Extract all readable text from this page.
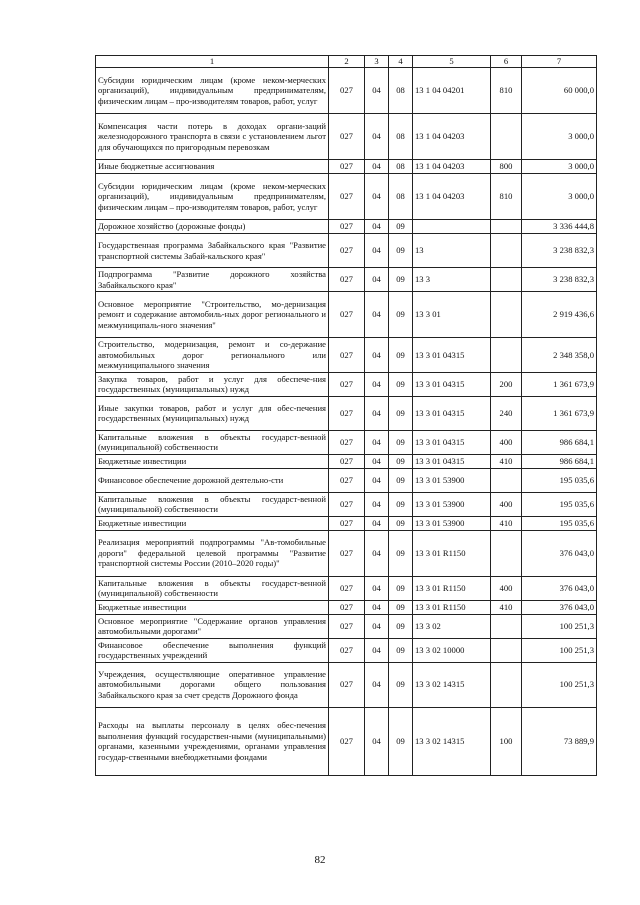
1	2	3	4	5	6	7
Субсидии юридическим лицам (кроме неком-мерческих организаций), индивидуальным предпринимателям, физическим лицам – про-изводителям товаров, работ, услуг	027	04	08	13 1 04 04201	810	60 000,0
Компенсация части потерь в доходах органи-заций железнодорожного транспорта в связи с установлением льгот для обучающихся по пригородным перевозкам	027	04	08	13 1 04 04203		3 000,0
Иные бюджетные ассигнования	027	04	08	13 1 04 04203	800	3 000,0
Субсидии юридическим лицам (кроме неком-мерческих организаций), индивидуальным предпринимателям, физическим лицам – про-изводителям товаров, работ, услуг	027	04	08	13 1 04 04203	810	3 000,0
Дорожное хозяйство (дорожные фонды)	027	04	09			3 336 444,8
Государственная программа Забайкальского края "Развитие транспортной системы Забай-кальского края"	027	04	09	13		3 238 832,3
Подпрограмма "Развитие дорожного хозяйства Забайкальского края"	027	04	09	13 3		3 238 832,3
Основное мероприятие "Строительство, мо-дернизация ремонт и содержание автомобиль-ных дорог регионального и межмуниципаль-ного значения"	027	04	09	13 3 01		2 919 436,6
Строительство, модернизация, ремонт и со-держание автомобильных дорог регионального или межмуниципального значения	027	04	09	13 3 01 04315		2 348 358,0
Закупка товаров, работ и услуг для обеспече-ния государственных (муниципальных) нужд	027	04	09	13 3 01 04315	200	1 361 673,9
Иные закупки товаров, работ и услуг для обес-печения государственных (муниципальных) нужд	027	04	09	13 3 01 04315	240	1 361 673,9
Капитальные вложения в объекты государст-венной (муниципальной) собственности	027	04	09	13 3 01 04315	400	986 684,1
Бюджетные инвестиции	027	04	09	13 3 01 04315	410	986 684,1
Финансовое обеспечение дорожной деятельно-сти	027	04	09	13 3 01 53900		195 035,6
Капитальные вложения в объекты государст-венной (муниципальной) собственности	027	04	09	13 3 01 53900	400	195 035,6
Бюджетные инвестиции	027	04	09	13 3 01 53900	410	195 035,6
Реализация мероприятий подпрограммы "Ав-томобильные дороги" федеральной целевой программы "Развитие транспортной системы России (2010–2020 годы)"	027	04	09	13 3 01 R1150		376 043,0
Капитальные вложения в объекты государст-венной (муниципальной) собственности	027	04	09	13 3 01 R1150	400	376 043,0
Бюджетные инвестиции	027	04	09	13 3 01 R1150	410	376 043,0
Основное мероприятие "Содержание органов управления автомобильными дорогами"	027	04	09	13 3 02		100 251,3
Финансовое обеспечение выполнения функций государственных учреждений	027	04	09	13 3 02 10000		100 251,3
Учреждения, осуществляющие оперативное управление автомобильными дорогами общего пользования Забайкальского края за счет средств Дорожного фонда	027	04	09	13 3 02 14315		100 251,3
Расходы на выплаты персоналу в целях обес-печения выполнения функций государствен-ными (муниципальными) органами, казенными учреждениями, органами управления государ-ственными внебюджетными фондами	027	04	09	13 3 02 14315	100	73 889,9
82
